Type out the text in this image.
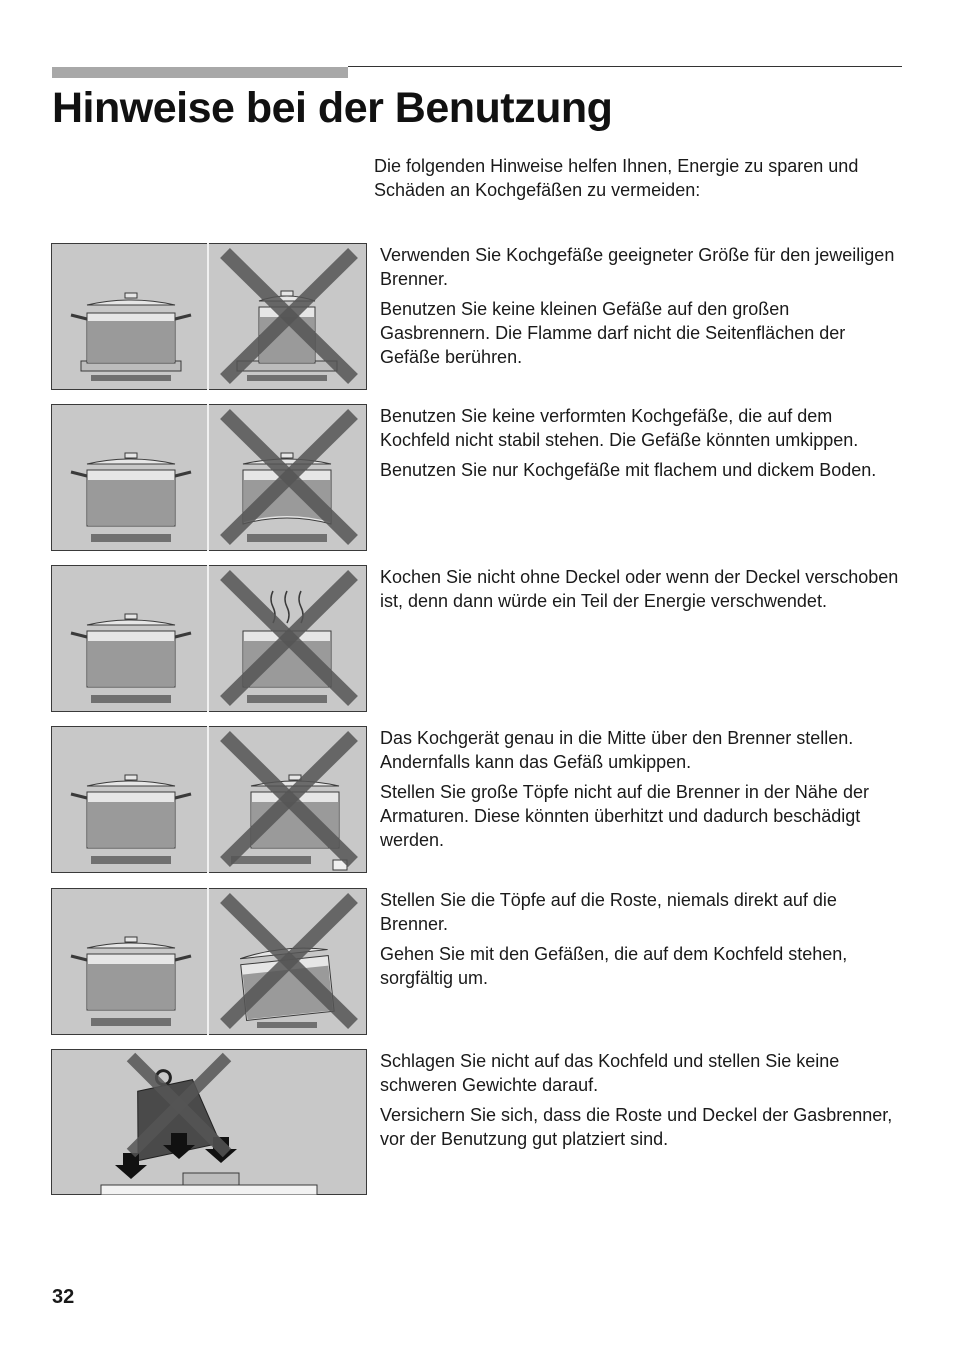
Hinweise bei der Benutzung

Die folgenden Hinweise helfen Ihnen, Energie zu sparen und Schäden an Kochgefäßen zu vermeiden:

Verwenden Sie Kochgefäße geeigneter Größe für den jeweiligen Brenner.

Benutzen Sie keine kleinen Gefäße auf den großen Gasbrennern. Die Flamme darf nicht die Seitenflächen der Gefäße berühren.

Benutzen Sie keine verformten Kochgefäße, die auf dem Kochfeld nicht stabil stehen. Die Gefäße könnten umkippen.

Benutzen Sie nur Kochgefäße mit flachem und dickem Boden.

Kochen Sie nicht ohne Deckel oder wenn der Deckel verschoben ist, denn dann würde ein Teil der Energie verschwendet.

Das Kochgerät genau in die Mitte über den Brenner stellen. Andernfalls kann das Gefäß umkippen.

Stellen Sie große Töpfe nicht auf die Brenner in der Nähe der Armaturen. Diese könnten überhitzt und dadurch beschädigt werden.

Stellen Sie die Töpfe auf die Roste, niemals direkt auf die Brenner.

Gehen Sie mit den Gefäßen, die auf dem Kochfeld stehen, sorgfältig um.

Schlagen Sie nicht auf das Kochfeld und stellen Sie keine schweren Gewichte darauf.

Versichern Sie sich, dass die Roste und Deckel der Gasbrenner, vor der Benutzung gut platziert sind.

32
